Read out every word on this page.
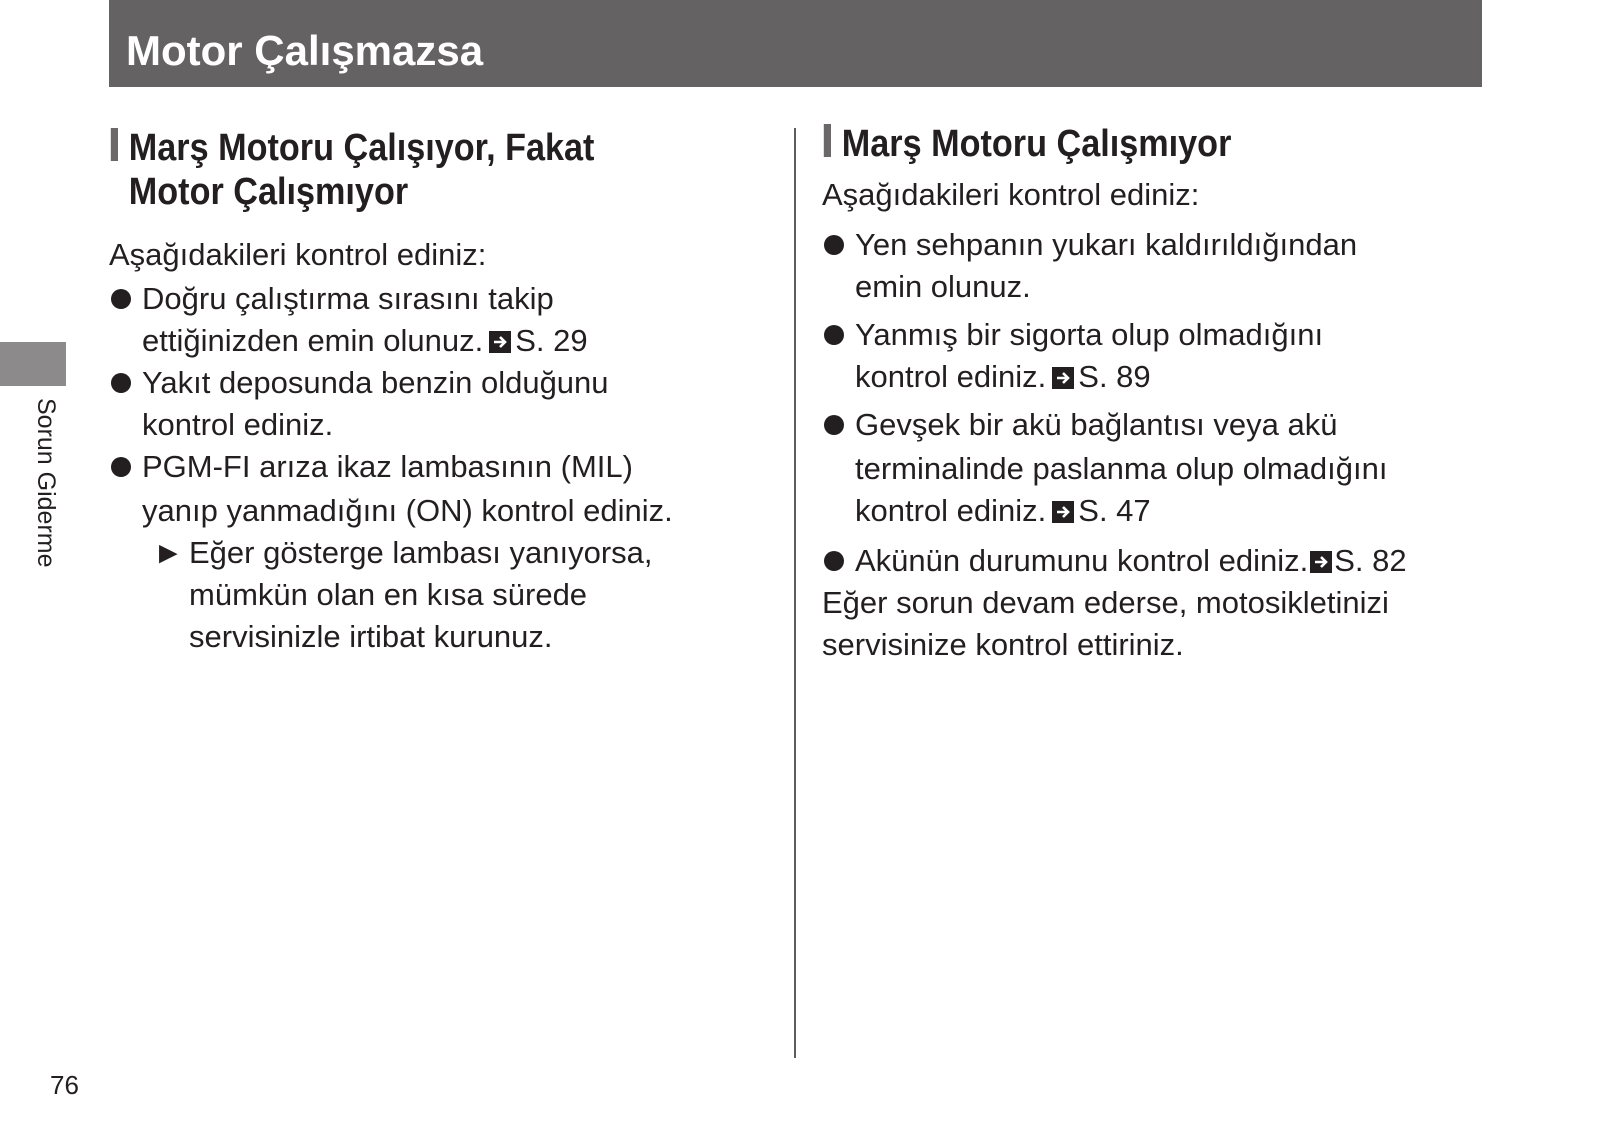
Motor Çalışmazsa
Sorun Giderme
76
Marş Motoru Çalışıyor, Fakat
Motor Çalışmıyor
Aşağıdakileri kontrol ediniz:
Doğru çalıştırma sırasını takip
ettiğinizden emin olunuz. S. 29
Yakıt deposunda benzin olduğunu
kontrol ediniz.
PGM-FI arıza ikaz lambasının (MIL)
yanıp yanmadığını (ON) kontrol ediniz.
► Eğer gösterge lambası yanıyorsa,
mümkün olan en kısa sürede
servisinizle irtibat kurunuz.
Marş Motoru Çalışmıyor
Aşağıdakileri kontrol ediniz:
Yen sehpanın yukarı kaldırıldığından
emin olunuz.
Yanmış bir sigorta olup olmadığını
kontrol ediniz. S. 89
Gevşek bir akü bağlantısı veya akü
terminalinde paslanma olup olmadığını
kontrol ediniz. S. 47
Akünün durumunu kontrol ediniz. S. 82
Eğer sorun devam ederse, motosikletinizi
servisinize kontrol ettiriniz.
